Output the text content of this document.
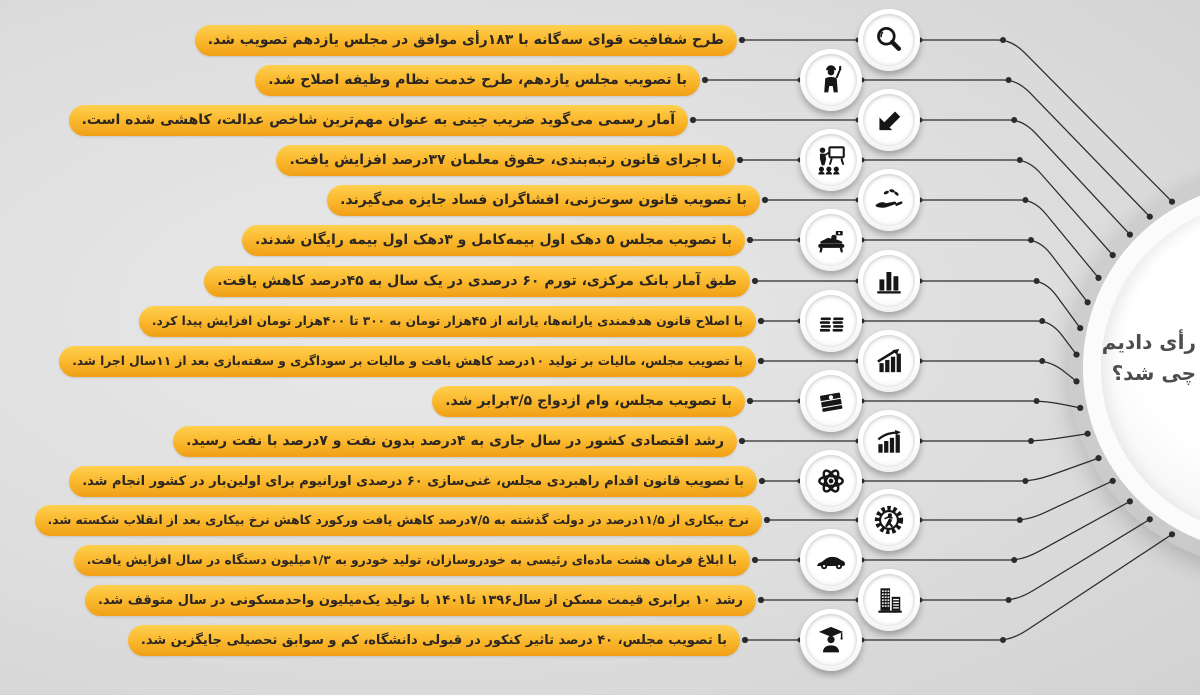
طرح شفافیت قوای سه‌گانه با ۱۸۳رأی موافق در مجلس یازدهم تصویب شد.
با تصویب مجلس یازدهم، طرح خدمت نظام وظیفه اصلاح شد.
آمار رسمی می‌گوید ضریب جینی به عنوان مهم‌ترین شاخص عدالت، کاهشی شده است.
با اجرای قانون رتبه‌بندی، حقوق معلمان ۳۷درصد افزایش یافت.
با تصویب قانون سوت‌زنی، افشاگران فساد جایزه می‌گیرند.
با تصویب مجلس ۵ دهک اول بیمه‌کامل و ۳دهک اول بیمه رایگان شدند.
طبق آمار بانک مرکزی، تورم ۶۰ درصدی در یک سال به ۴۵درصد کاهش یافت.
با اصلاح قانون هدفمندی یارانه‌ها، یارانه از ۴۵هزار تومان به ۳۰۰ تا ۴۰۰هزار تومان افزایش پیدا کرد.
با تصویب مجلس، مالیات بر تولید ۱۰درصد کاهش یافت و مالیات بر سوداگری و سفته‌بازی بعد از ۱۱سال اجرا شد.
با تصویب مجلس، وام ازدواج ۳/۵برابر شد.
رشد اقتصادی کشور در سال جاری به ۴درصد بدون نفت و ۷درصد با نفت رسید.
با تصویب قانون اقدام راهبردی مجلس، غنی‌سازی ۶۰ درصدی اورانیوم برای اولین‌بار در کشور انجام شد.
نرخ بیکاری از ۱۱/۵درصد در دولت گذشته به ۷/۵درصد کاهش یافت ورکورد کاهش نرخ بیکاری بعد از انقلاب شکسته شد.
با ابلاغ فرمان هشت ماده‌ای رئیسی به خودروسازان، تولید خودرو به ۱/۳میلیون دستگاه در سال افزایش یافت.
رشد ۱۰ برابری قیمت مسکن از سال۱۳۹۶ تا۱۴۰۱ با تولید یک‌میلیون واحدمسکونی در سال متوقف شد.
با تصویب مجلس، ۴۰ درصد تاثیر کنکور در قبولی دانشگاه، کم و سوابق تحصیلی جایگزین شد.
رأی دادیم
چی شد؟
